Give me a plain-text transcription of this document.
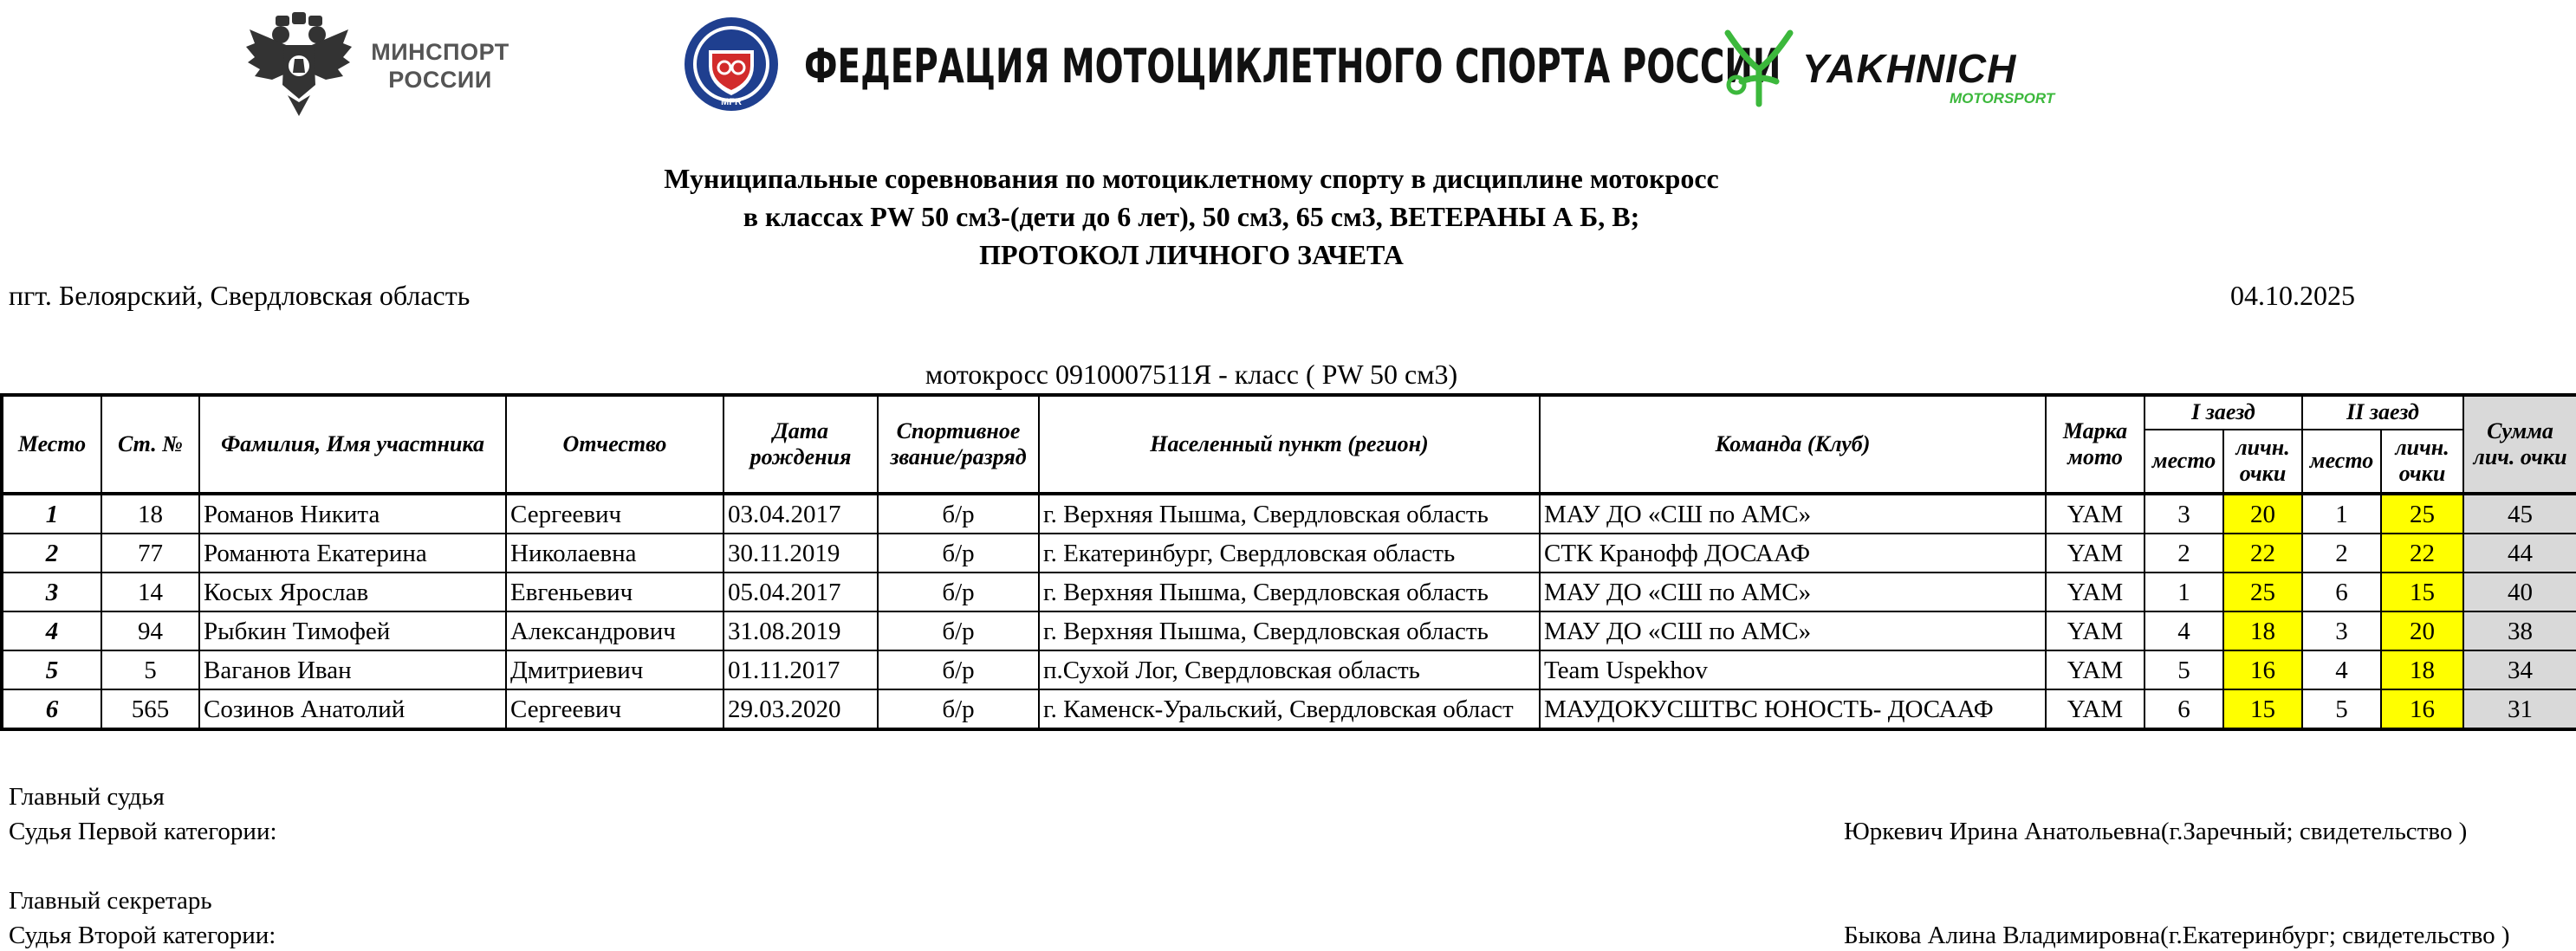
МИНСПОРТ
РОССИИ
MFR
ФЕДЕРАЦИЯ МОТОЦИКЛЕТНОГО СПОРТА РОССИИ YAKHNICH
MOTORSPORT
Муниципальные соревнования по мотоциклетному спорту в дисциплине мотокросс
в классах PW 50 см3-(дети до 6 лет), 50 см3, 65 см3, ВЕТЕРАНЫ А Б, В;
ПРОТОКОЛ ЛИЧНОГО ЗАЧЕТА
пгт. Белоярский, Свердловская область	04.10.2025
мотокросс 0910007511Я - класс ( PW 50 см3)
Место	Ст. №	Фамилия, Имя участника	Отчество	Дата рождения	Спортивное звание/разряд	Населенный пункт (регион)	Команда (Клуб)	Марка мото	I заезд		II заезд		Сумма лич. очки
									место	личн. очки	место	личн. очки	
1	18	Романов Никита	Сергеевич	03.04.2017	б/р	г. Верхняя Пышма, Свердловская область	МАУ ДО «СШ по АМС»	YAM	3	20	1	25	45
2	77	Романюта Екатерина	Николаевна	30.11.2019	б/р	г. Екатеринбург, Свердловская область	СТК Кранофф ДОСААФ	YAM	2	22	2	22	44
3	14	Косых Ярослав	Евгеньевич	05.04.2017	б/р	г. Верхняя Пышма, Свердловская область	МАУ ДО «СШ по АМС»	YAM	1	25	6	15	40
4	94	Рыбкин Тимофей	Александрович	31.08.2019	б/р	г. Верхняя Пышма, Свердловская область	МАУ ДО «СШ по АМС»	YAM	4	18	3	20	38
5	5	Ваганов Иван	Дмитриевич	01.11.2017	б/р	п.Сухой Лог, Свердловская область	Team Uspekhov	YAM	5	16	4	18	34
6	565	Созинов Анатолий	Сергеевич	29.03.2020	б/р	г. Каменск-Уральский, Свердловская област	МАУДОКУСШТВС ЮНОСТЬ- ДОСААФ	YAM	6	15	5	16	31
Главный судья
Судья Первой категории:	Юркевич Ирина Анатольевна(г.Заречный; свидетельство )
Главный секретарь
Судья Второй категории:	Быкова Алина Владимировна(г.Екатеринбург; свидетельство )
